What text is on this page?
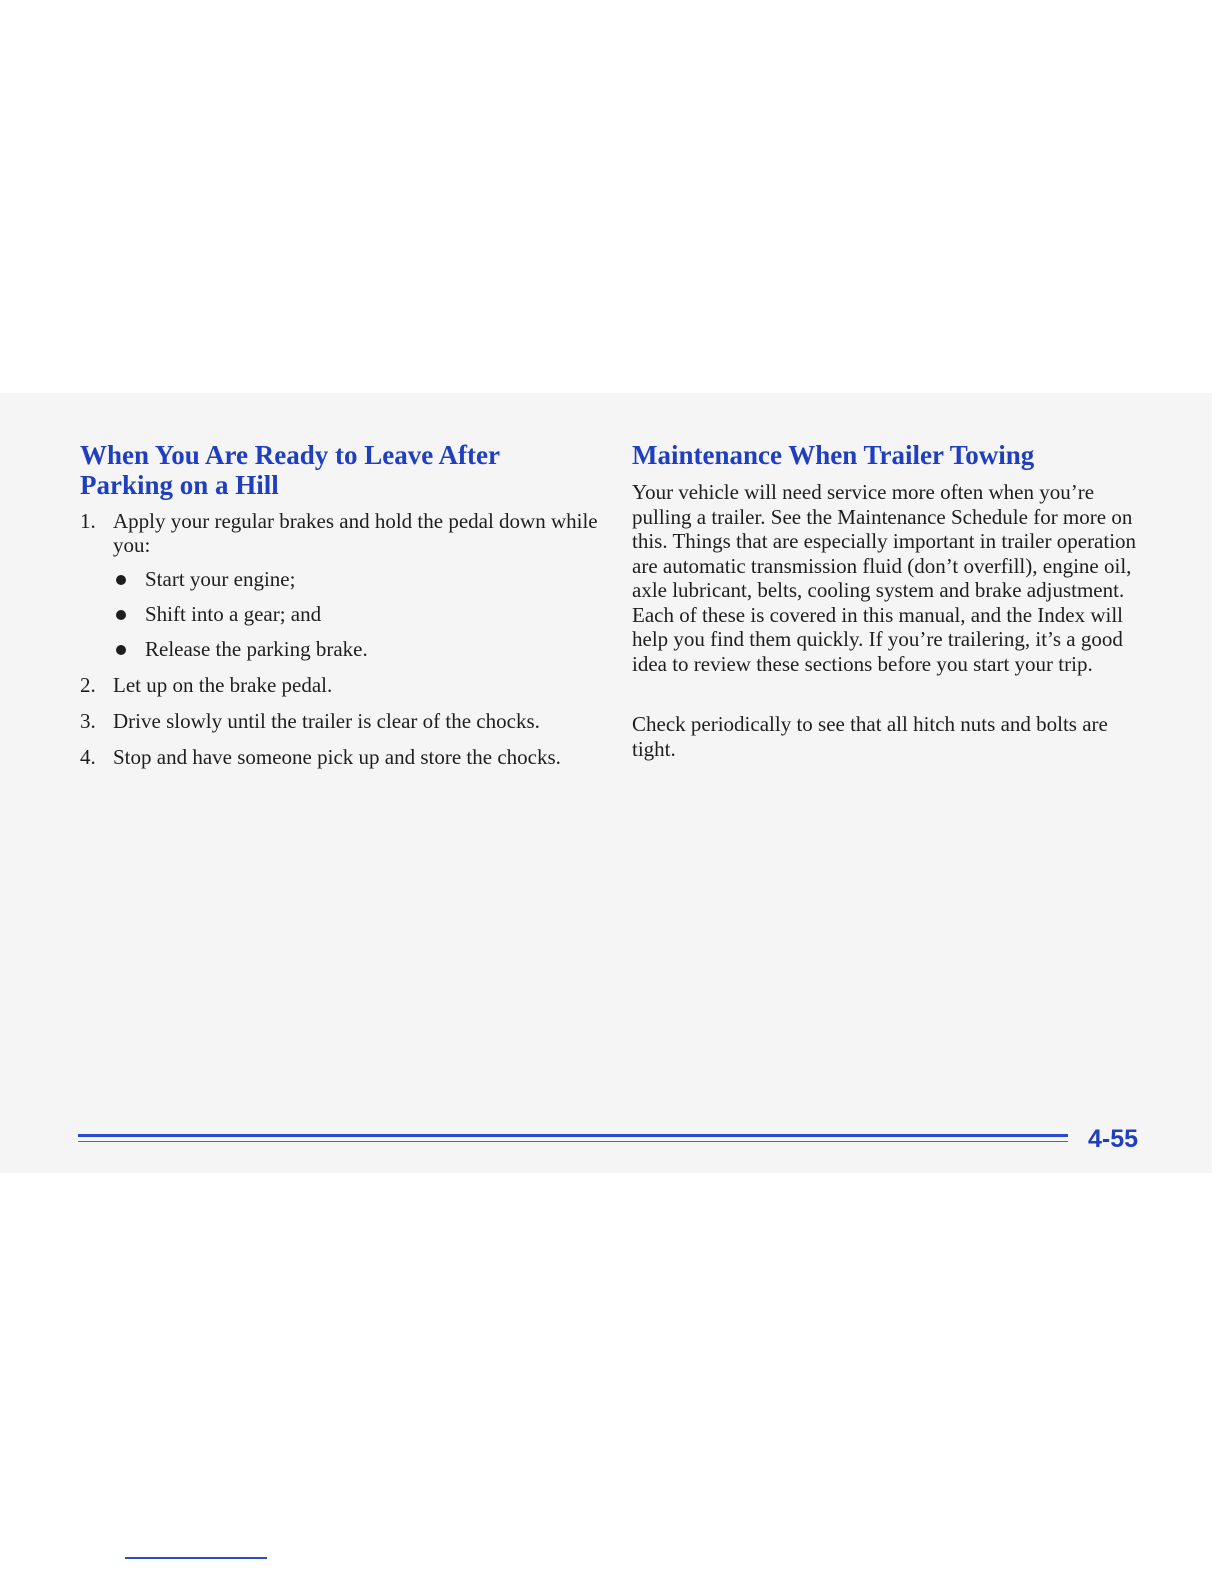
When You Are Ready to Leave After Parking on a Hill
1. Apply your regular brakes and hold the pedal down while you:
Start your engine;
Shift into a gear; and
Release the parking brake.
2. Let up on the brake pedal.
3. Drive slowly until the trailer is clear of the chocks.
4. Stop and have someone pick up and store the chocks.
Maintenance When Trailer Towing

Your vehicle will need service more often when you’re pulling a trailer. See the Maintenance Schedule for more on this. Things that are especially important in trailer operation are automatic transmission fluid (don’t overfill), engine oil, axle lubricant, belts, cooling system and brake adjustment. Each of these is covered in this manual, and the Index will help you find them quickly. If you’re trailering, it’s a good idea to review these sections before you start your trip.

Check periodically to see that all hitch nuts and bolts are tight.

4-55
